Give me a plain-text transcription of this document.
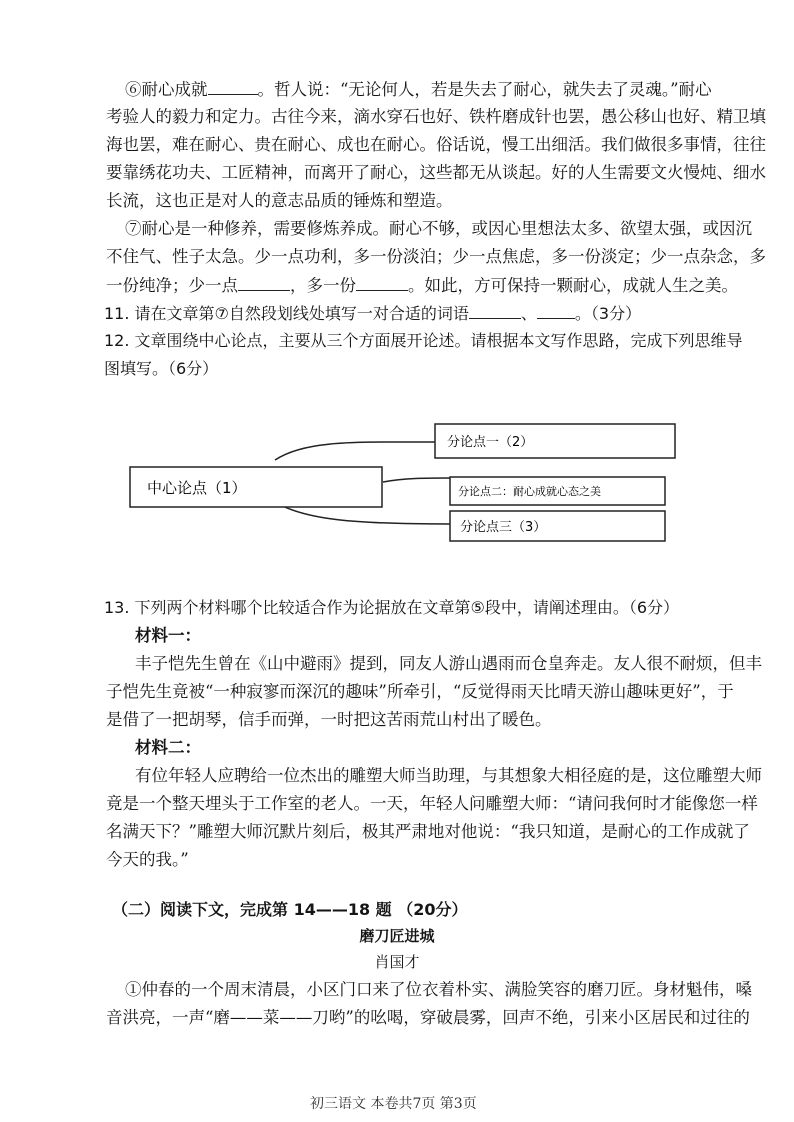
⑥耐心成就	。哲人说：“无论何人，若是失去了耐心，就失去了灵魂。”耐心
考验人的毅力和定力。古往今来，滴水穿石也好、铁杵磨成针也罢，愚公移山也好、精卫填
海也罢，难在耐心、贵在耐心、成也在耐心。俗话说，慢工出细活。我们做很多事情，往往
要靠绣花功夫、工匠精神，而离开了耐心，这些都无从谈起。好的人生需要文火慢炖、细水
长流，这也正是对人的意志品质的锤炼和塑造。
⑦耐心是一种修养，需要修炼养成。耐心不够，或因心里想法太多、欲望太强，或因沉
不住气、性子太急。少一点功利，多一份淡泊；少一点焦虑，多一份淡定；少一点杂念，多
一份纯净；少一点	，多一份	。如此，方可保持一颗耐心，成就人生之美。
11. 请在文章第⑦自然段划线处填写一对合适的词语	、 。（3分）
12. 文章围绕中心论点，主要从三个方面展开论述。请根据本文写作思路，完成下列思维导
图填写。（6分）
中心论点（1）
分论点一（2）
分论点二：耐心成就心态之美
分论点三（3）
13. 下列两个材料哪个比较适合作为论据放在文章第⑤段中，请阐述理由。（6分）
材料一：
丰子恺先生曾在《山中避雨》提到，同友人游山遇雨而仓皇奔走。友人很不耐烦，但丰
子恺先生竟被“一种寂寥而深沉的趣味”所牵引，“反觉得雨天比晴天游山趣味更好”，于
是借了一把胡琴，信手而弹，一时把这苦雨荒山村出了暖色。
材料二：
有位年轻人应聘给一位杰出的雕塑大师当助理，与其想象大相径庭的是，这位雕塑大师
竟是一个整天埋头于工作室的老人。一天，年轻人问雕塑大师：“请问我何时才能像您一样
名满天下？”雕塑大师沉默片刻后，极其严肃地对他说：“我只知道，是耐心的工作成就了
今天的我。”
（二）阅读下文，完成第 14——18 题 （20分）
磨刀匠进城
肖国才
①仲春的一个周末清晨，小区门口来了位衣着朴实、满脸笑容的磨刀匠。身材魁伟，嗓
音洪亮，一声“磨——菜——刀哟”的吆喝，穿破晨雾，回声不绝，引来小区居民和过往的
初三语文 本卷共7页 第3页
